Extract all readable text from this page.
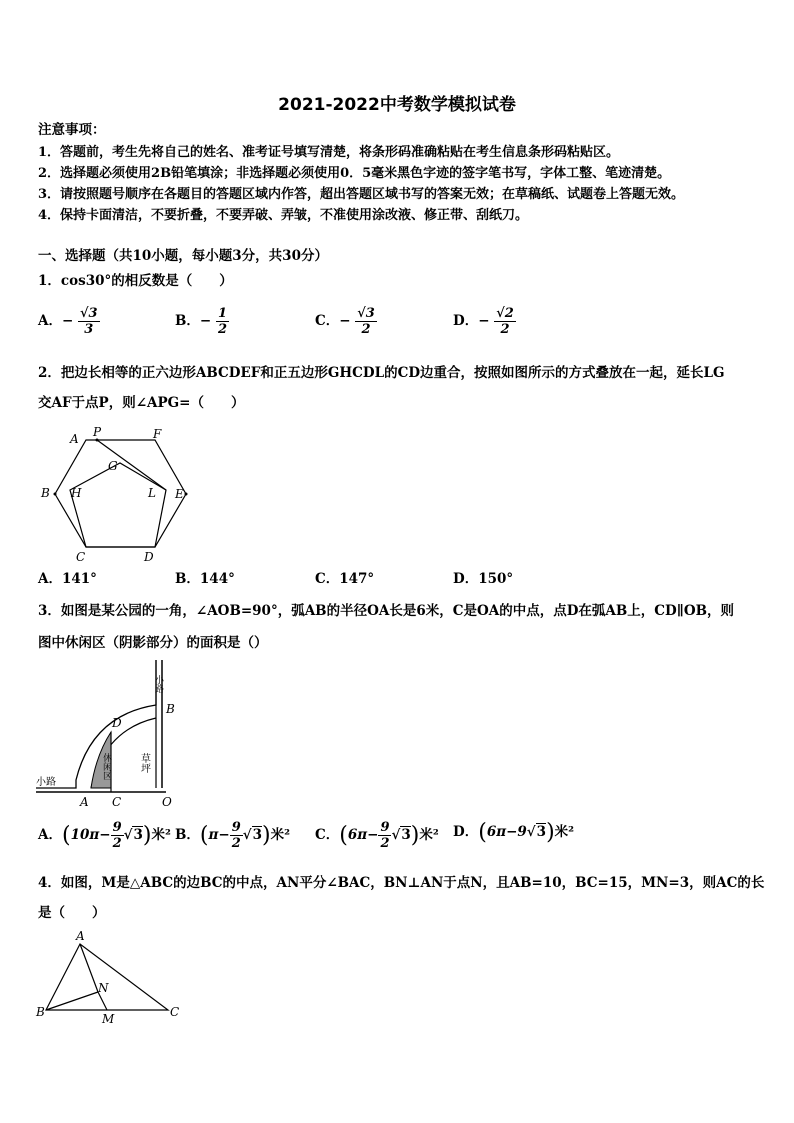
2021-2022中考数学模拟试卷
注意事项：
1．答题前，考生先将自己的姓名、准考证号填写清楚，将条形码准确粘贴在考生信息条形码粘贴区。
2．选择题必须使用2B铅笔填涂；非选择题必须使用0．5毫米黑色字迹的签字笔书写，字体工整、笔迹清楚。
3．请按照题号顺序在各题目的答题区域内作答，超出答题区域书写的答案无效；在草稿纸、试题卷上答题无效。
4．保持卡面清洁，不要折叠，不要弄破、弄皱，不准使用涂改液、修正带、刮纸刀。
一、选择题（共10小题，每小题3分，共30分）
1．cos30°的相反数是（　　）
A．− $\frac{√3}{3}$	B．− $\frac{1}{2}$	C．− $\frac{√3}{2}$	D．− $\frac{√2}{2}$
2．把边长相等的正六边形ABCDEF和正五边形GHCDL的CD边重合，按照如图所示的方式叠放在一起，延长LG
交AF于点P，则∠APG=（　　）
A P	F
G
B H	L E
C	D
A．141°	B．144°	C．147°	D．150°
3．如图是某公园的一角，∠AOB=90°，弧AB的半径OA长是6米，C是OA的中点，点D在弧AB上，CD∥OB，则
图中休闲区（阴影部分）的面积是（）
小路
小路
B
D
休闲区	草坪
A C	O
A．($10\pi- \frac{9}{2}$ √ 3)米² B．($\pi- \frac{9}{2}$ √ 3)米² C．($6\pi- \frac{9}{2}$ √ 3)米² D．(6π−9 √ 3)米²
4．如图，M是△ABC的边BC的中点，AN平分∠BAC，BN⊥AN于点N，且AB=10，BC=15，MN=3，则AC的长
是（　　）
A
N
B	M	C
